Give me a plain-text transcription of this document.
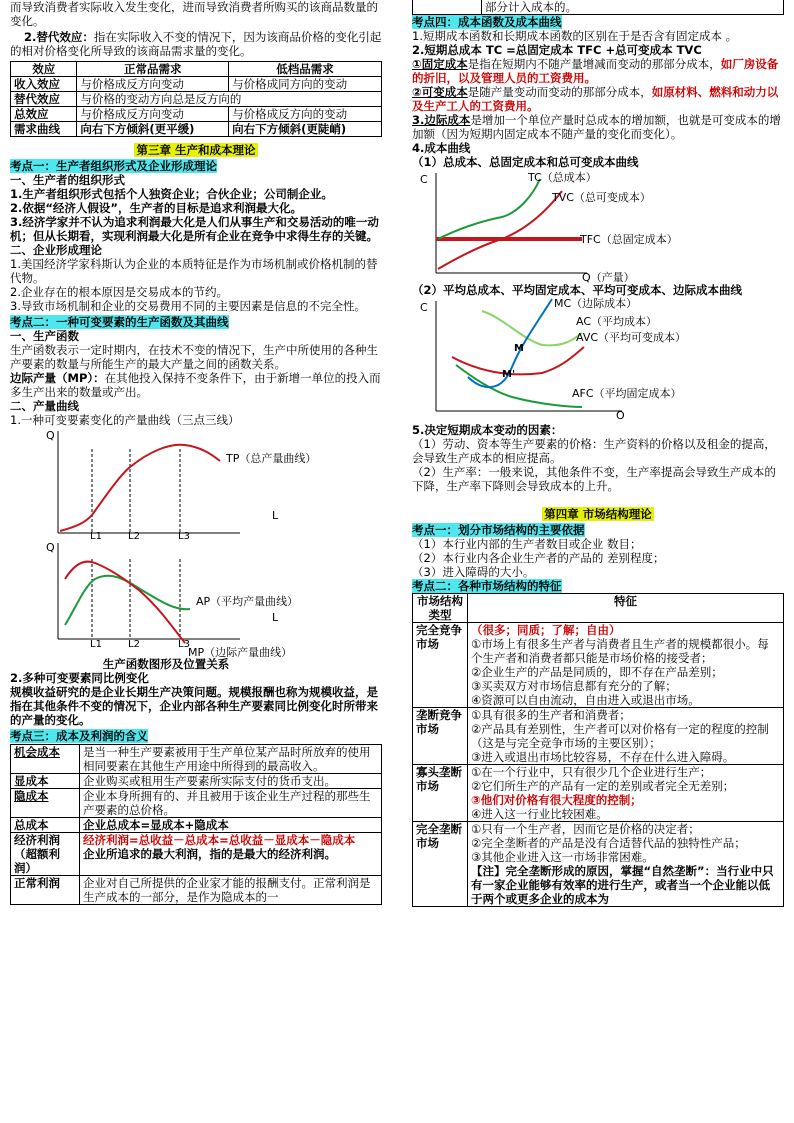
而导致消费者实际收入发生变化，进而导致消费者所购买的该商品数量的变化。

2.替代效应：指在实际收入不变的情况下，因为该商品价格的变化引起的相对价格变化所导致的该商品需求量的变化。

效应	正常品需求	低档品需求
收入效应	与价格成反方向变动	与价格成同方向的变动
替代效应	与价格的变动方向总是反方向的	
总效应	与价格成反方向变动	与价格成反方向的变动
需求曲线	向右下方倾斜(更平缓)	向右下方倾斜(更陡峭)
第三章 生产和成本理论

考点一：生产者组织形式及企业形成理论

一、生产者的组织形式

1.生产者组织形式包括个人独资企业；合伙企业；公司制企业。

2.依据“经济人假设”，生产者的目标是追求利润最大化。

3.经济学家并不认为追求利润最大化是人们从事生产和交易活动的唯一动机；但从长期看，实现利润最大化是所有企业在竞争中求得生存的关键。

二、企业形成理论

1.美国经济学家科斯认为企业的本质特征是作为市场机制或价格机制的替代物。

2.企业存在的根本原因是交易成本的节约。

3.导致市场机制和企业的交易费用不同的主要因素是信息的不完全性。

考点二：一种可变要素的生产函数及其曲线

一、生产函数

生产函数表示一定时期内，在技术不变的情况下，生产中所使用的各种生产要素的数量与所能生产的最大产量之间的函数关系。

边际产量（MP）：在其他投入保持不变条件下，由于新增一单位的投入而多生产出来的数量或产出。

二、产量曲线

1.一种可变要素变化的产量曲线（三点三线）

Q
L
TP（总产量曲线）
L1	L2	L3
Q
L
AP（平均产量曲线）
MP（边际产量曲线）
L1	L2	L3

生产函数图形及位置关系

2.多种可变要素同比例变化

规模收益研究的是企业长期生产决策问题。规模报酬也称为规模收益，是指在其他条件不变的情况下，企业内部各种生产要素同比例变化时所带来的产量的变化。

考点三：成本及利润的含义

机会成本	是当一种生产要素被用于生产单位某产品时所放弃的使用相同要素在其他生产用途中所得到的最高收入。
显成本	企业购买或租用生产要素所实际支付的货币支出。
隐成本	企业本身所拥有的、并且被用于该企业生产过程的那些生产要素的总价格。
总成本	企业总成本=显成本+隐成本
经济利润（超额利润）	经济利润=总收益－总成本=总收益－显成本－隐成本

企业所追求的最大利润，指的是最大的经济利润。

正常利润	企业对自己所提供的企业家才能的报酬支付。正常利润是生产成本的一部分，是作为隐成本的一
	部分计入成本的。

考点四：成本函数及成本曲线

1.短期成本函数和长期成本函数的区别在于是否含有固定成本 。

2.短期总成本 TC =总固定成本 TFC +总可变成本 TVC

①固定成本是指在短期内不随产量增减而变动的那部分成本，如厂房设备的折旧，以及管理人员的工资费用。

②可变成本是随产量变动而变动的那部分成本，如原材料、燃料和动力以及生产工人的工资费用。

3.边际成本是增加一个单位产量时总成本的增加额，也就是可变成本的增加额（因为短期内固定成本不随产量的变化而变化）。

4.成本曲线

（1）总成本、总固定成本和总可变成本曲线

C
Q（产量）
TC（总成本）
TVC（总可变成本）
TFC（总固定成本）

（2）平均总成本、平均固定成本、平均可变成本、边际成本曲线

C
Q
M
M'
MC（边际成本）
AC（平均成本）
AVC（平均可变成本）
AFC（平均固定成本）

5.决定短期成本变动的因素：

（1）劳动、资本等生产要素的价格：生产资料的价格以及租金的提高，会导致生产成本的相应提高。

（2）生产率：一般来说，其他条件不变，生产率提高会导致生产成本的下降，生产率下降则会导致成本的上升。

第四章 市场结构理论

考点一：划分市场结构的主要依据

（1）本行业内部的生产者数目或企业 数目；

（2）本行业内各企业生产者的产品的 差别程度；

（3）进入障碍的大小。

考点二：各种市场结构的特征

市场结构类型	特征
完全竞争市场	（很多；同质；了解；自由）

①市场上有很多生产者与消费者且生产者的规模都很小。每个生产者和消费者都只能是市场价格的接受者；

②企业生产的产品是同质的，即不存在产品差别；

③买卖双方对市场信息都有充分的了解；

④资源可以自由流动，自由进入或退出市场。

垄断竞争市场	①具有很多的生产者和消费者；

②产品具有差别性，生产者可以对价格有一定的程度的控制（这是与完全竞争市场的主要区别）；

③进入或退出市场比较容易，不存在什么进入障碍。

寡头垄断市场	①在一个行业中，只有很少几个企业进行生产；

②它们所生产的产品有一定的差别或者完全无差别；

③他们对价格有很大程度的控制；

④进入这一行业比较困难。

完全垄断市场	①只有一个生产者，因而它是价格的决定者；

②完全垄断者的产品是没有合适替代品的独特性产品；

③其他企业进入这一市场非常困难。

【注】完全垄断形成的原因，掌握“自然垄断”：当行业中只有一家企业能够有效率的进行生产，或者当一个企业能以低于两个或更多企业的成本为
